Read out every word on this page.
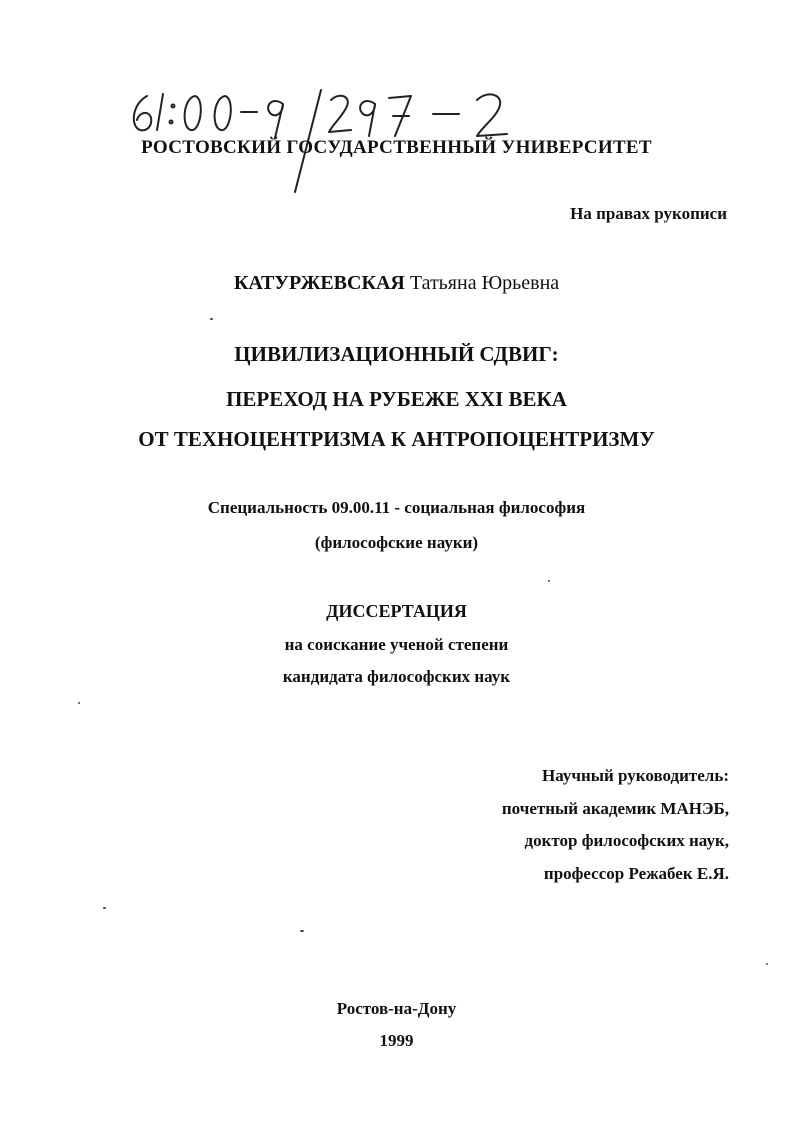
РОСТОВСКИЙ ГОСУДАРСТВЕННЫЙ УНИВЕРСИТЕТ
На правах рукописи
КАТУРЖЕВСКАЯ Татьяна Юрьевна
ЦИВИЛИЗАЦИОННЫЙ СДВИГ:
ПЕРЕХОД НА РУБЕЖЕ XXI ВЕКА
ОТ ТЕХНОЦЕНТРИЗМА К АНТРОПОЦЕНТРИЗМУ
Специальность 09.00.11 - социальная философия
(философские науки)
ДИССЕРТАЦИЯ
на соискание ученой степени
кандидата философских наук
Научный руководитель:
почетный академик МАНЭБ,
доктор философских наук,
профессор Режабек Е.Я.
Ростов-на-Дону
1999
